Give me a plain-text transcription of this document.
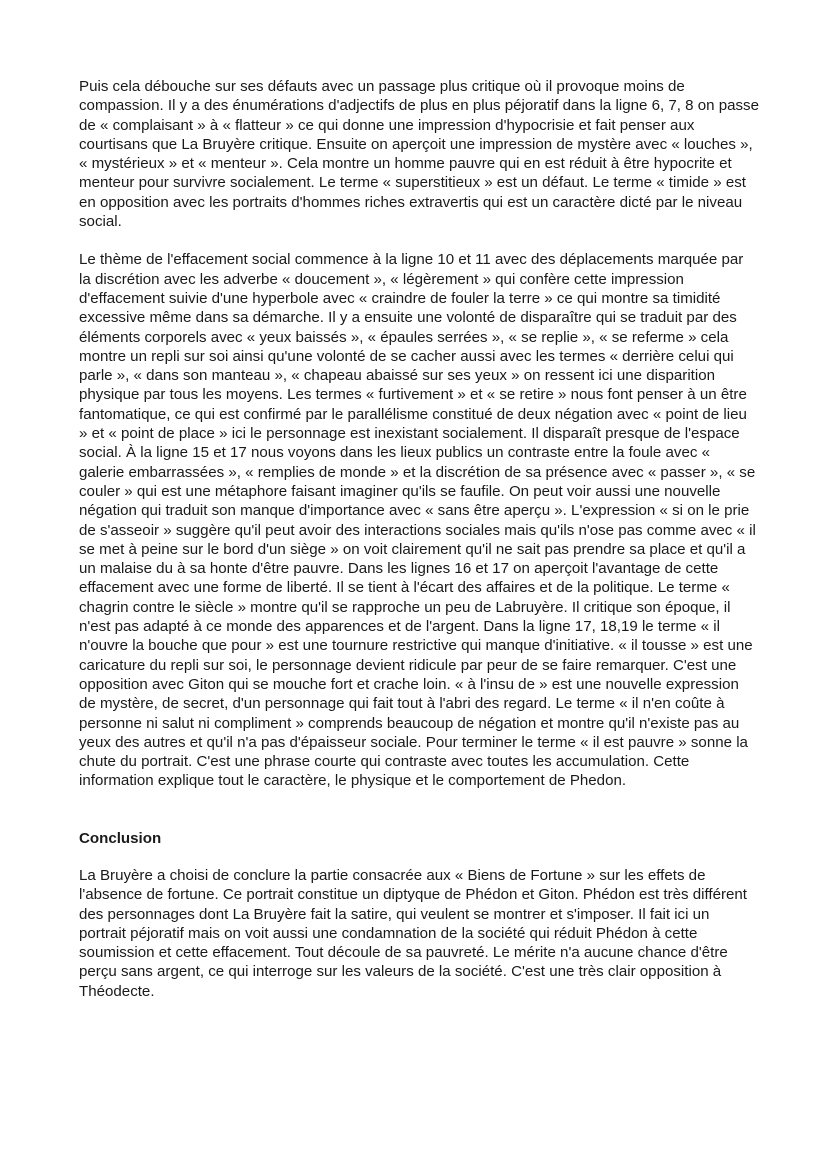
Puis cela débouche sur ses défauts avec un passage plus critique où il provoque moins de compassion. Il y a des énumérations d'adjectifs de plus en plus péjoratif dans la ligne 6, 7, 8 on passe de « complaisant » à « flatteur » ce qui donne une impression d'hypocrisie et fait penser aux courtisans que La Bruyère critique. Ensuite on aperçoit une impression de mystère avec « louches », « mystérieux » et « menteur ». Cela montre un homme pauvre qui en est réduit à être hypocrite et menteur pour survivre socialement. Le terme « superstitieux » est un défaut. Le terme « timide » est en opposition avec les portraits d'hommes riches extravertis qui est un caractère dicté par le niveau social.

Le thème de l'effacement social commence à la ligne 10 et 11 avec des déplacements marquée par la discrétion avec les adverbe « doucement », « légèrement » qui confère cette impression d'effacement suivie d'une hyperbole avec « craindre de fouler la terre » ce qui montre sa timidité excessive même dans sa démarche. Il y a ensuite une volonté de disparaître qui se traduit par des éléments corporels avec « yeux baissés », « épaules serrées », « se replie », « se referme » cela montre un repli sur soi ainsi qu'une volonté de se cacher aussi avec les termes « derrière celui qui parle », « dans son manteau », « chapeau abaissé sur ses yeux » on ressent ici une disparition physique par tous les moyens. Les termes « furtivement » et « se retire » nous font penser à un être fantomatique, ce qui est confirmé par le parallélisme constitué de deux négation avec « point de lieu » et « point de place » ici le personnage est inexistant socialement. Il disparaît presque de l'espace social. À la ligne 15 et 17 nous voyons dans les lieux publics un contraste entre la foule avec « galerie embarrassées », « remplies de monde » et la discrétion de sa présence avec « passer », « se couler » qui est une métaphore faisant imaginer qu'ils se faufile. On peut voir aussi une nouvelle négation qui traduit son manque d'importance avec « sans être aperçu ». L'expression « si on le prie de s'asseoir » suggère qu'il peut avoir des interactions sociales mais qu'ils n'ose pas comme avec « il se met à peine sur le bord d'un siège » on voit clairement qu'il ne sait pas prendre sa place et qu'il a un malaise du à sa honte d'être pauvre. Dans les lignes 16 et 17 on aperçoit l'avantage de cette effacement avec une forme de liberté. Il se tient à l'écart des affaires et de la politique. Le terme « chagrin contre le siècle » montre qu'il se rapproche un peu de Labruyère. Il critique son époque, il n'est pas adapté à ce monde des apparences et de l'argent. Dans la ligne 17, 18,19 le terme « il n'ouvre la bouche que pour » est une tournure restrictive qui manque d'initiative. « il tousse » est une caricature du repli sur soi, le personnage devient ridicule par peur de se faire remarquer. C'est une opposition avec Giton qui se mouche fort et crache loin. « à l'insu de » est une nouvelle expression de mystère, de secret, d'un personnage qui fait tout à l'abri des regard. Le terme « il n'en coûte à personne ni salut ni compliment » comprends beaucoup de négation et montre qu'il n'existe pas au yeux des autres et qu'il n'a pas d'épaisseur sociale. Pour terminer le terme « il est pauvre » sonne la chute du portrait. C'est une phrase courte qui contraste avec toutes les accumulation. Cette information explique tout le caractère, le physique et le comportement de Phedon.

Conclusion

La Bruyère a choisi de conclure la partie consacrée aux « Biens de Fortune » sur les effets de l'absence de fortune. Ce portrait constitue un diptyque de Phédon et Giton. Phédon est très différent des personnages dont La Bruyère fait la satire, qui veulent se montrer et s'imposer. Il fait ici un portrait péjoratif mais on voit aussi une condamnation de la société qui réduit Phédon à cette soumission et cette effacement. Tout découle de sa pauvreté. Le mérite n'a aucune chance d'être perçu sans argent, ce qui interroge sur les valeurs de la société. C'est une très clair opposition à Théodecte.
